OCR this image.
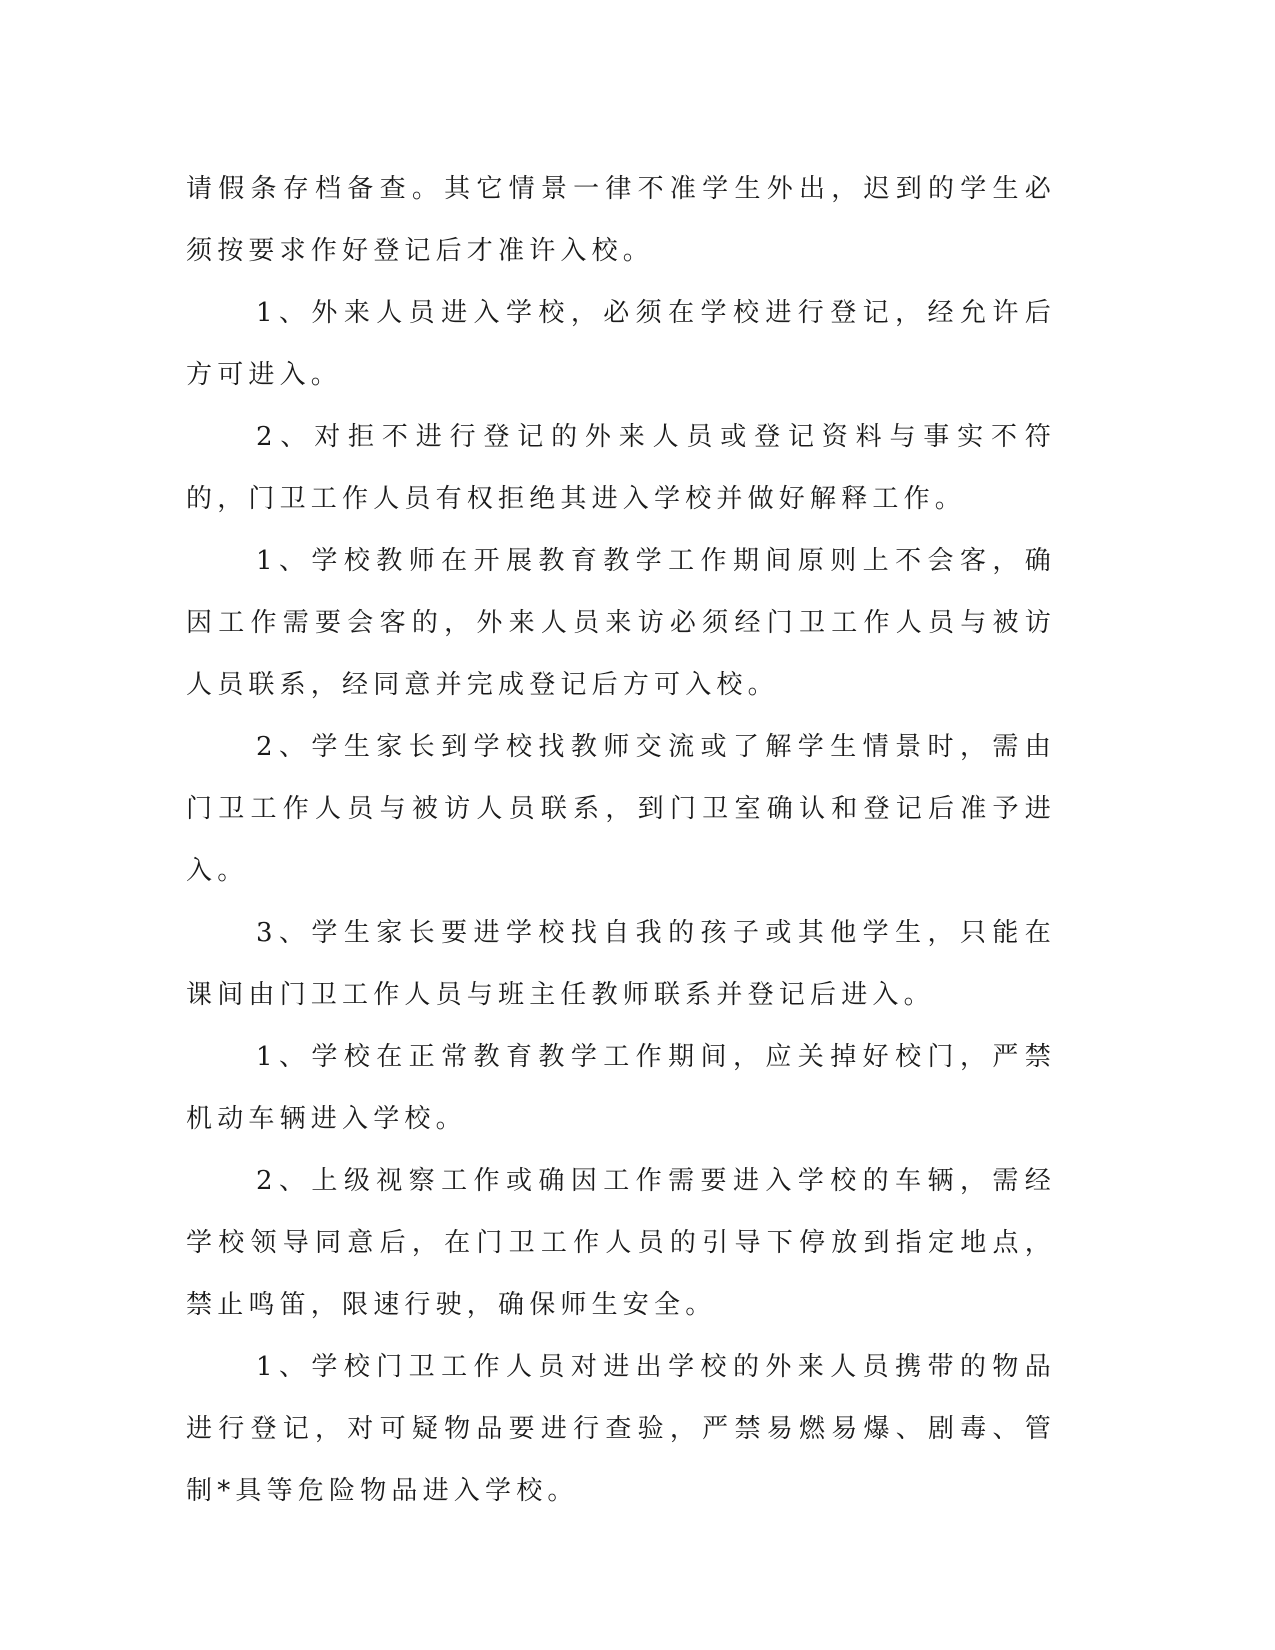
请假条存档备查。其它情景一律不准学生外出，迟到的学生必须按要求作好登记后才准许入校。

1、外来人员进入学校，必须在学校进行登记，经允许后方可进入。

2、对拒不进行登记的外来人员或登记资料与事实不符的，门卫工作人员有权拒绝其进入学校并做好解释工作。

1、学校教师在开展教育教学工作期间原则上不会客，确因工作需要会客的，外来人员来访必须经门卫工作人员与被访人员联系，经同意并完成登记后方可入校。

2、学生家长到学校找教师交流或了解学生情景时，需由门卫工作人员与被访人员联系，到门卫室确认和登记后准予进入。

3、学生家长要进学校找自我的孩子或其他学生，只能在课间由门卫工作人员与班主任教师联系并登记后进入。

1、学校在正常教育教学工作期间，应关掉好校门，严禁机动车辆进入学校。

2、上级视察工作或确因工作需要进入学校的车辆，需经学校领导同意后，在门卫工作人员的引导下停放到指定地点，禁止鸣笛，限速行驶，确保师生安全。

1、学校门卫工作人员对进出学校的外来人员携带的物品进行登记，对可疑物品要进行查验，严禁易燃易爆、剧毒、管制*具等危险物品进入学校。
